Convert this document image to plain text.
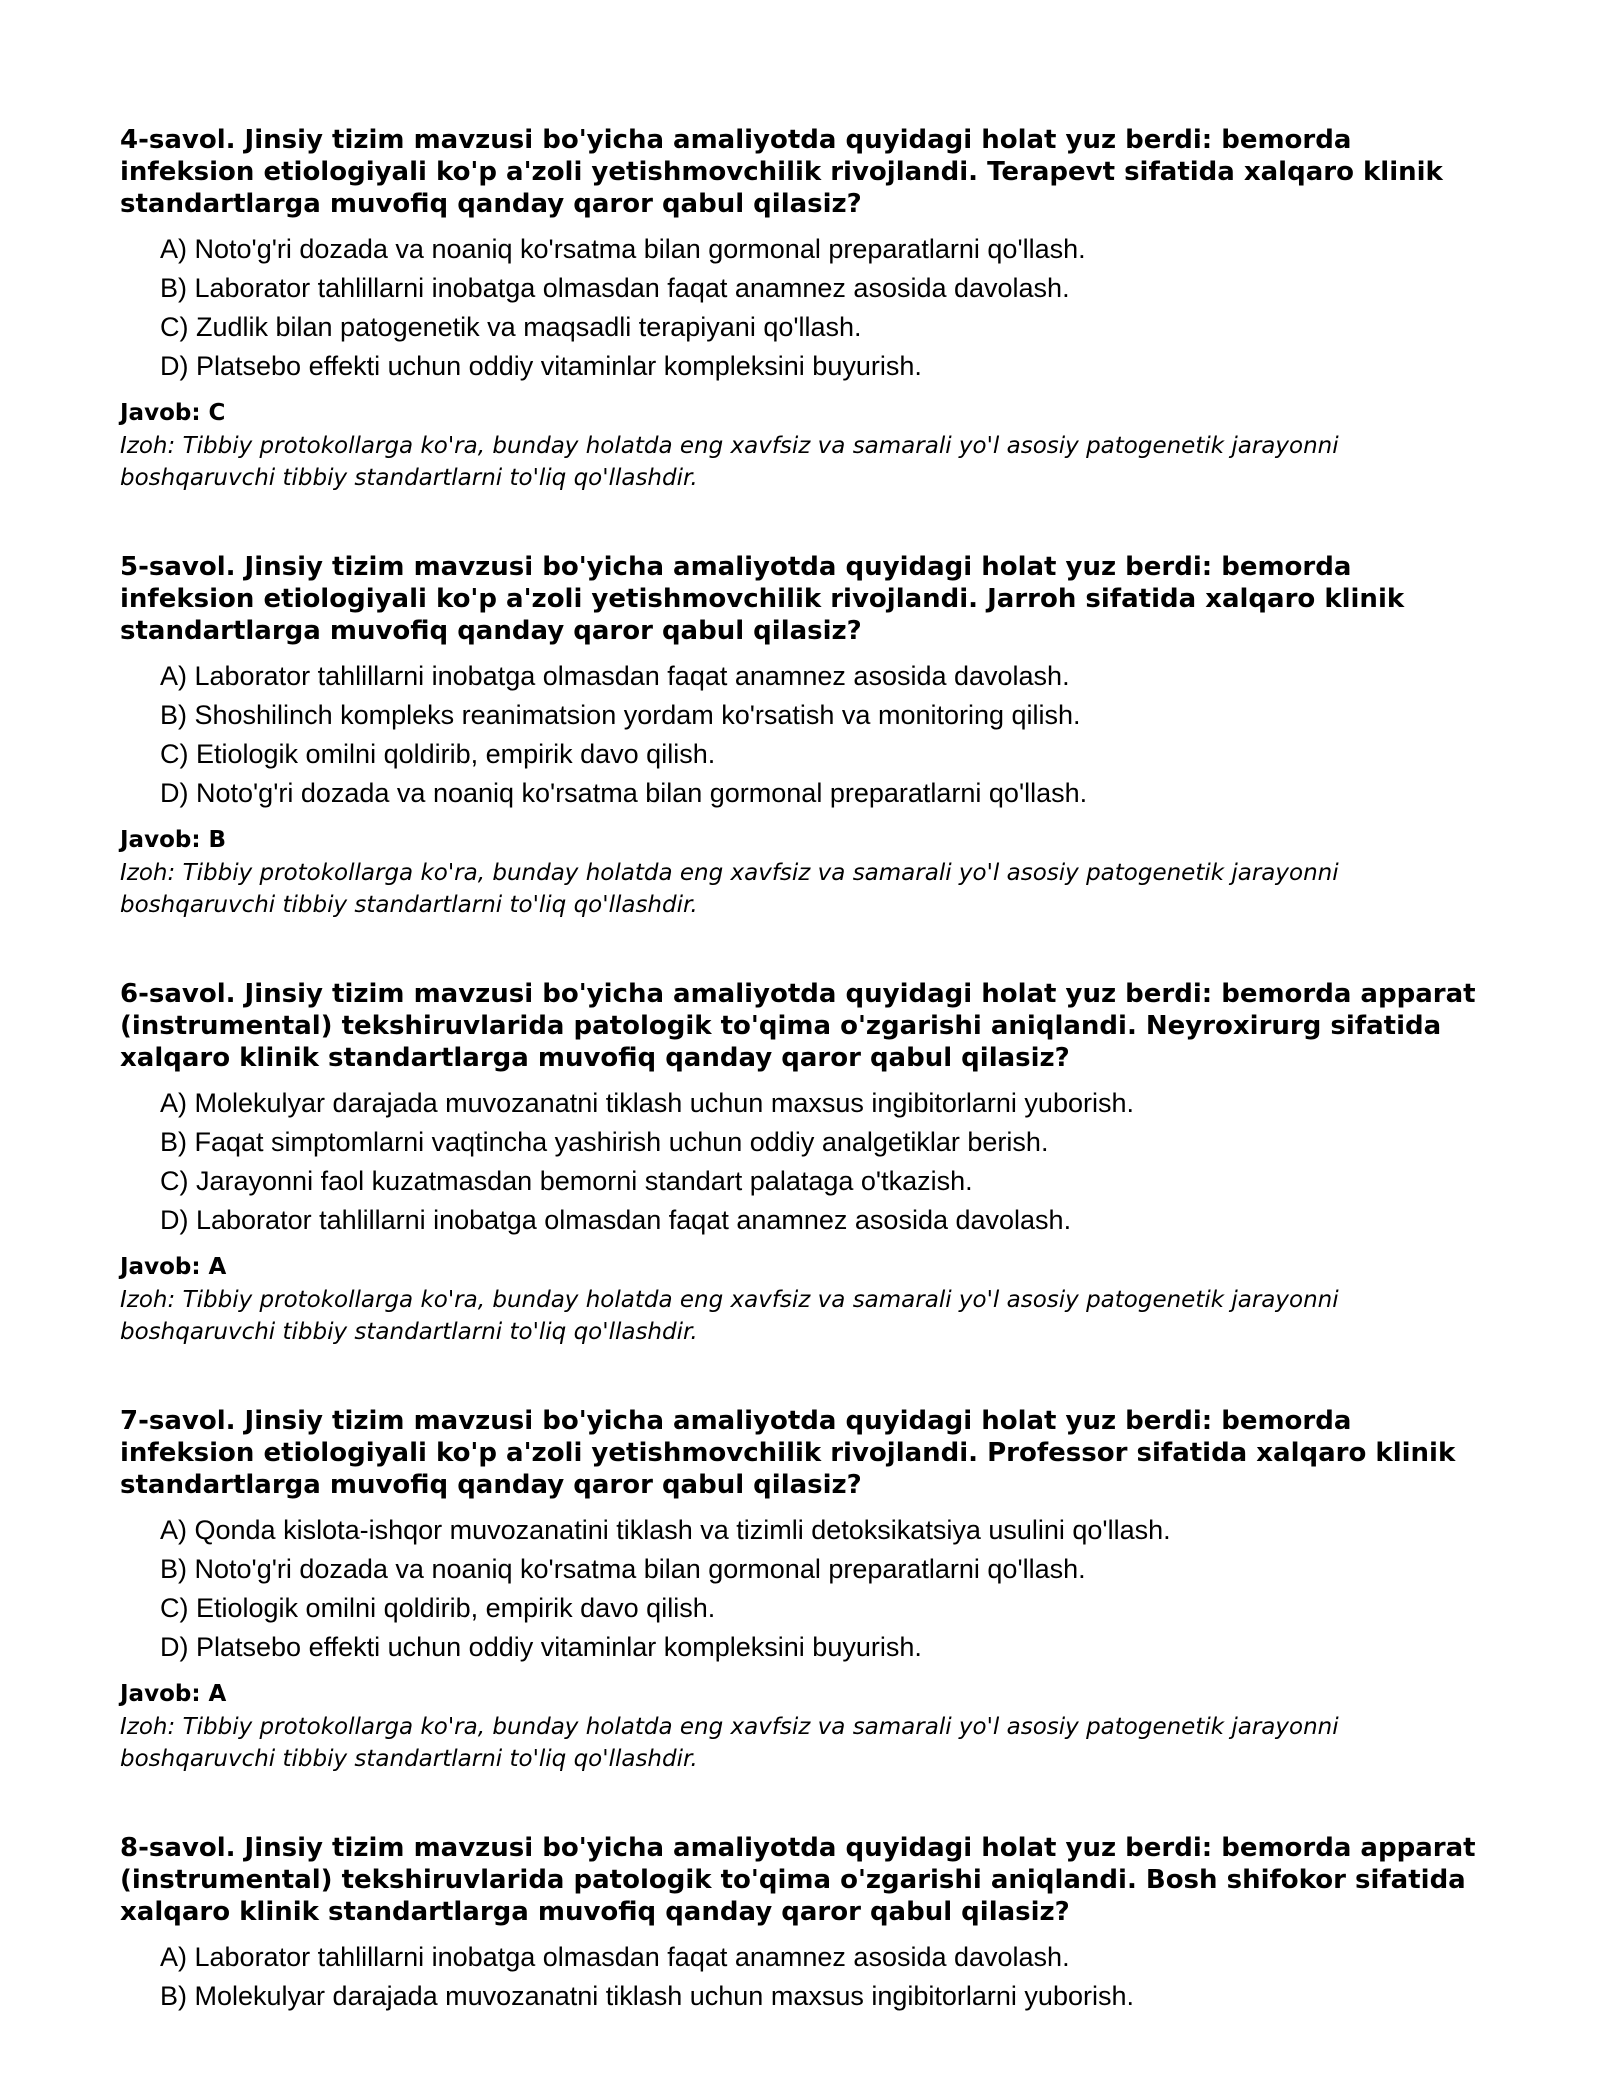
4-savol. Jinsiy tizim mavzusi bo'yicha amaliyotda quyidagi holat yuz berdi: bemorda infeksion etiologiyali ko'p a'zoli yetishmovchilik rivojlandi. Terapevt sifatida xalqaro klinik standartlarga muvofiq qanday qaror qabul qilasiz?
A) Noto'g'ri dozada va noaniq ko'rsatma bilan gormonal preparatlarni qo'llash.
B) Laborator tahlillarni inobatga olmasdan faqat anamnez asosida davolash.
C) Zudlik bilan patogenetik va maqsadli terapiyani qo'llash.
D) Platsebo effekti uchun oddiy vitaminlar kompleksini buyurish.
Javob: C

Izoh: Tibbiy protokollarga ko'ra, bunday holatda eng xavfsiz va samarali yo'l asosiy patogenetik jarayonni boshqaruvchi tibbiy standartlarni to'liq qo'llashdir.

5-savol. Jinsiy tizim mavzusi bo'yicha amaliyotda quyidagi holat yuz berdi: bemorda infeksion etiologiyali ko'p a'zoli yetishmovchilik rivojlandi. Jarroh sifatida xalqaro klinik standartlarga muvofiq qanday qaror qabul qilasiz?
A) Laborator tahlillarni inobatga olmasdan faqat anamnez asosida davolash.
B) Shoshilinch kompleks reanimatsion yordam ko'rsatish va monitoring qilish.
C) Etiologik omilni qoldirib, empirik davo qilish.
D) Noto'g'ri dozada va noaniq ko'rsatma bilan gormonal preparatlarni qo'llash.
Javob: B

Izoh: Tibbiy protokollarga ko'ra, bunday holatda eng xavfsiz va samarali yo'l asosiy patogenetik jarayonni boshqaruvchi tibbiy standartlarni to'liq qo'llashdir.

6-savol. Jinsiy tizim mavzusi bo'yicha amaliyotda quyidagi holat yuz berdi: bemorda apparat (instrumental) tekshiruvlarida patologik to'qima o'zgarishi aniqlandi. Neyroxirurg sifatida xalqaro klinik standartlarga muvofiq qanday qaror qabul qilasiz?
A) Molekulyar darajada muvozanatni tiklash uchun maxsus ingibitorlarni yuborish.
B) Faqat simptomlarni vaqtincha yashirish uchun oddiy analgetiklar berish.
C) Jarayonni faol kuzatmasdan bemorni standart palataga o'tkazish.
D) Laborator tahlillarni inobatga olmasdan faqat anamnez asosida davolash.
Javob: A

Izoh: Tibbiy protokollarga ko'ra, bunday holatda eng xavfsiz va samarali yo'l asosiy patogenetik jarayonni boshqaruvchi tibbiy standartlarni to'liq qo'llashdir.

7-savol. Jinsiy tizim mavzusi bo'yicha amaliyotda quyidagi holat yuz berdi: bemorda infeksion etiologiyali ko'p a'zoli yetishmovchilik rivojlandi. Professor sifatida xalqaro klinik standartlarga muvofiq qanday qaror qabul qilasiz?
A) Qonda kislota-ishqor muvozanatini tiklash va tizimli detoksikatsiya usulini qo'llash.
B) Noto'g'ri dozada va noaniq ko'rsatma bilan gormonal preparatlarni qo'llash.
C) Etiologik omilni qoldirib, empirik davo qilish.
D) Platsebo effekti uchun oddiy vitaminlar kompleksini buyurish.
Javob: A

Izoh: Tibbiy protokollarga ko'ra, bunday holatda eng xavfsiz va samarali yo'l asosiy patogenetik jarayonni boshqaruvchi tibbiy standartlarni to'liq qo'llashdir.

8-savol. Jinsiy tizim mavzusi bo'yicha amaliyotda quyidagi holat yuz berdi: bemorda apparat (instrumental) tekshiruvlarida patologik to'qima o'zgarishi aniqlandi. Bosh shifokor sifatida xalqaro klinik standartlarga muvofiq qanday qaror qabul qilasiz?
A) Laborator tahlillarni inobatga olmasdan faqat anamnez asosida davolash.
B) Molekulyar darajada muvozanatni tiklash uchun maxsus ingibitorlarni yuborish.
